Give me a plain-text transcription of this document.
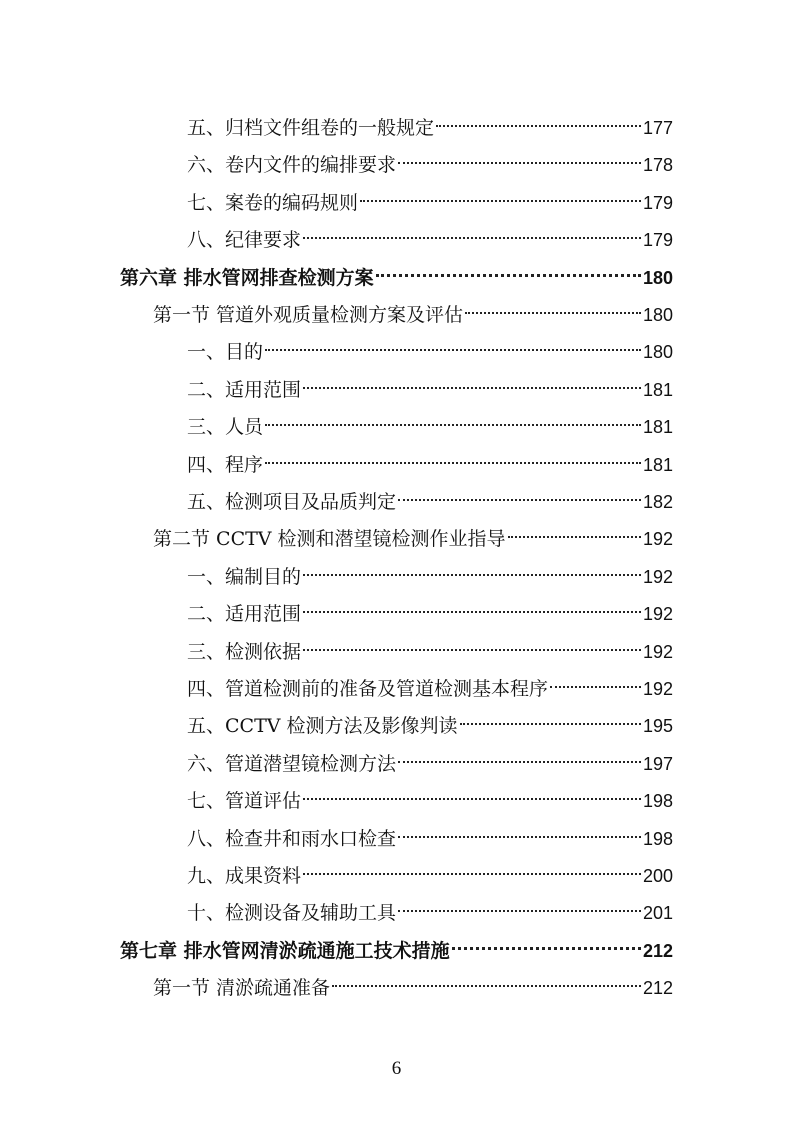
五、归档文件组卷的一般规定	177
六、卷内文件的编排要求	178
七、案卷的编码规则	179
八、纪律要求	179
第六章 排水管网排查检测方案	180
第一节 管道外观质量检测方案及评估	180
一、目的	180
二、适用范围	181
三、人员	181
四、程序	181
五、检测项目及品质判定	182
第二节 CCTV 检测和潜望镜检测作业指导	192
一、编制目的	192
二、适用范围	192
三、检测依据	192
四、管道检测前的准备及管道检测基本程序	192
五、CCTV 检测方法及影像判读	195
六、管道潜望镜检测方法	197
七、管道评估	198
八、检查井和雨水口检查	198
九、成果资料	200
十、检测设备及辅助工具	201
第七章 排水管网清淤疏通施工技术措施	212
第一节 清淤疏通准备	212
6
